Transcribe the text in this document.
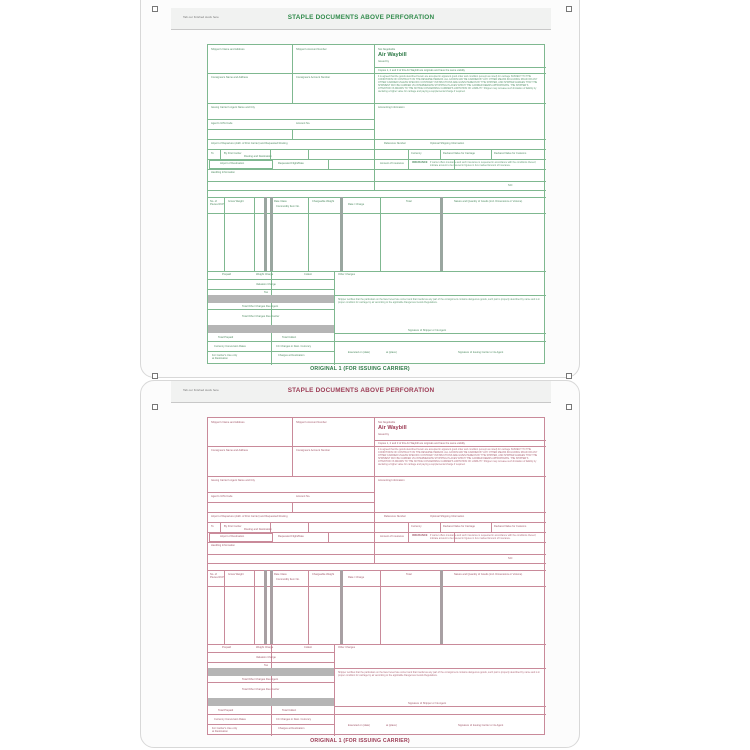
Tab our finished stock here	STAPLE DOCUMENTS ABOVE PERFORATION
Shipper's Name and Address	Shipper's Account Number	Not Negotiable
Air Waybill
Issued by
Copies 1, 2 and 3 of this Air Waybill are originals and have the same validity
It is agreed that the goods described herein are accepted in apparent good order and condition (except as noted) for carriage SUBJECT TO THE CONDITIONS OF CONTRACT ON THE REVERSE HEREOF. ALL GOODS MAY BE CARRIED BY ANY OTHER MEANS INCLUDING ROAD OR ANY OTHER CARRIER UNLESS SPECIFIC CONTRARY INSTRUCTIONS ARE GIVEN HEREON BY THE SHIPPER, AND SHIPPER AGREES THAT THE SHIPMENT MAY BE CARRIED VIA INTERMEDIATE STOPPING PLACES WHICH THE CARRIER DEEMS APPROPRIATE. THE SHIPPER'S ATTENTION IS DRAWN TO THE NOTICE CONCERNING CARRIER'S LIMITATION OF LIABILITY. Shipper may increase such limitation of liability by declaring a higher value for carriage and paying a supplemental charge if required.
Consignee's Name and Address	Consignee's Account Number
Issuing Carrier's Agent Name and City	Accounting Information
Agent's IATA Code	Account No.
Airport of Departure (Addr. of First Carrier) and Requested Routing	Reference Number	Optional Shipping Information
To	By First Carrier
Routing and Destination
Currency	Declared Value for Carriage	Declared Value for Customs
Airport of Destination	Requested Flight/Date	Amount of Insurance	INSURANCE If carrier offers insurance and such insurance is requested in accordance with the conditions thereof, indicate amount to be insured in figures in box marked Amount of Insurance.
Handling Information
SCI
No. of Pieces RCP
Gross Weight	Rate Class
Commodity Item No.
Chargeable Weight
Rate / Charge
Total	Nature and Quantity of Goods (incl. Dimensions or Volume)
Prepaid	Weight Charge	Collect	Other Charges
Valuation Charge
Tax
Total Other Charges Due Agent
Shipper certifies that the particulars on the face hereof are correct and that insofar as any part of the consignment contains dangerous goods, such part is properly described by name and is in proper condition for carriage by air according to the applicable Dangerous Goods Regulations.
Total Other Charges Due Carrier
Signature of Shipper or his Agent
Total Prepaid	Total Collect
Currency Conversion Rates	CC Charges in Dest. Currency
Executed on (date)	at (place)	Signature of Issuing Carrier or its Agent
For Carrier's Use only at Destination
Charges at Destination
ORIGINAL 1 (FOR ISSUING CARRIER)
Tab our finished stock here	STAPLE DOCUMENTS ABOVE PERFORATION
Shipper's Name and Address	Shipper's Account Number	Not Negotiable
Air Waybill
Issued by
Copies 1, 2 and 3 of this Air Waybill are originals and have the same validity
It is agreed that the goods described herein are accepted in apparent good order and condition (except as noted) for carriage SUBJECT TO THE CONDITIONS OF CONTRACT ON THE REVERSE HEREOF. ALL GOODS MAY BE CARRIED BY ANY OTHER MEANS INCLUDING ROAD OR ANY OTHER CARRIER UNLESS SPECIFIC CONTRARY INSTRUCTIONS ARE GIVEN HEREON BY THE SHIPPER, AND SHIPPER AGREES THAT THE SHIPMENT MAY BE CARRIED VIA INTERMEDIATE STOPPING PLACES WHICH THE CARRIER DEEMS APPROPRIATE. THE SHIPPER'S ATTENTION IS DRAWN TO THE NOTICE CONCERNING CARRIER'S LIMITATION OF LIABILITY. Shipper may increase such limitation of liability by declaring a higher value for carriage and paying a supplemental charge if required.
Consignee's Name and Address	Consignee's Account Number
Issuing Carrier's Agent Name and City	Accounting Information
Agent's IATA Code	Account No.
Airport of Departure (Addr. of First Carrier) and Requested Routing	Reference Number	Optional Shipping Information
To	By First Carrier
Routing and Destination
Currency	Declared Value for Carriage	Declared Value for Customs
Airport of Destination	Requested Flight/Date	Amount of Insurance	INSURANCE If carrier offers insurance and such insurance is requested in accordance with the conditions thereof, indicate amount to be insured in figures in box marked Amount of Insurance.
Handling Information
SCI
No. of Pieces RCP
Gross Weight	Rate Class
Commodity Item No.
Chargeable Weight
Rate / Charge
Total	Nature and Quantity of Goods (incl. Dimensions or Volume)
Prepaid	Weight Charge	Collect	Other Charges
Valuation Charge
Tax
Total Other Charges Due Agent
Shipper certifies that the particulars on the face hereof are correct and that insofar as any part of the consignment contains dangerous goods, such part is properly described by name and is in proper condition for carriage by air according to the applicable Dangerous Goods Regulations.
Total Other Charges Due Carrier
Signature of Shipper or his Agent
Total Prepaid	Total Collect
Currency Conversion Rates	CC Charges in Dest. Currency
Executed on (date)	at (place)	Signature of Issuing Carrier or its Agent
For Carrier's Use only at Destination
Charges at Destination
ORIGINAL 1 (FOR ISSUING CARRIER)
